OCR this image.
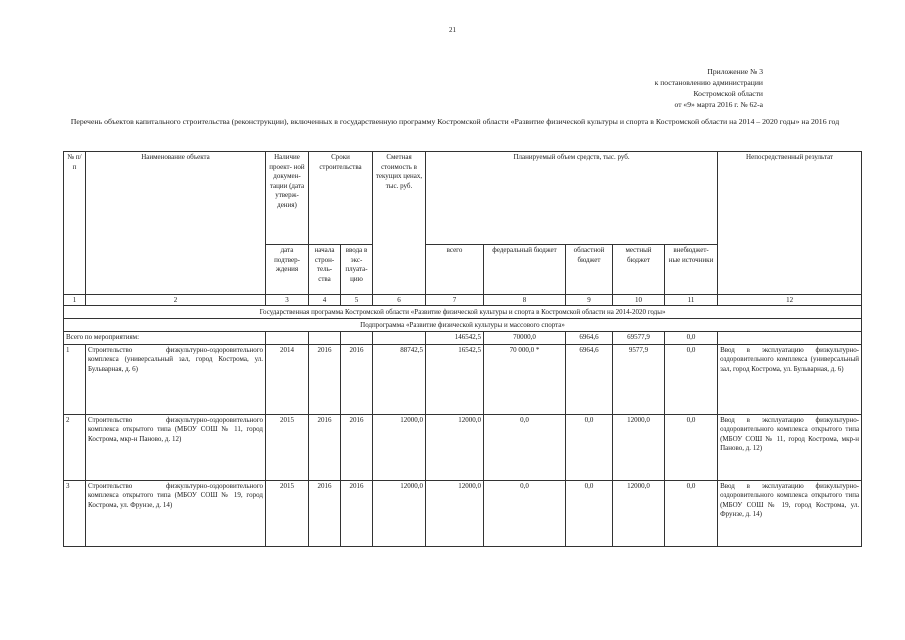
21
Приложение № 3
к постановлению администрации
Костромской области
от «9» марта 2016 г. № 62-а
Перечень объектов капитального строительства (реконструкции), включенных в государственную программу Костромской области «Развитие физической культуры и спорта в Костромской области на 2014 – 2020 годы» на 2016 год
№ п/п	Наименование объекта	Наличие проект- ной докумен- тации (дата утверж- дения)	Сроки строительства		Сметная стоимость в текущих ценах, тыс. руб.	Планируемый объем средств, тыс. руб.					Непосредственный результат
		дата подтвер- ждения	начала строн- тель- ства	ввода в экс- плуата- цию		всего	федеральный бюджет	областной бюджет	местный бюджет	внебюджет- ные источники	
1	2	3	4	5	6	7	8	9	10	11	12
Государственная программа Костромской области «Развитие физической культуры и спорта в Костромской области на 2014-2020 годы»											
Подпрограмма «Развитие физической культуры и массового спорта»											
Всего по мероприятиям:						146542,5	70000,0	6964,6	69577,9	0,0	
1	Строительство физкультурно-оздоровительного комплекса (универсальный зал, город Кострома, ул. Бульварная, д. 6)	2014	2016	2016	88742,5	16542,5	70 000,0 *	6964,6	9577,9	0,0	Ввод в эксплуатацию физкультурно-оздоровительного комплекса (универсальный зал, город Кострома, ул. Бульварная, д. 6)
2	Строительство физкультурно-оздоровительного комплекса открытого типа (МБОУ СОШ № 11, город Кострома, мкр-н Паново, д. 12)	2015	2016	2016	12000,0	12000,0	0,0	0,0	12000,0	0,0	Ввод в эксплуатацию физкультурно-оздоровительного комплекса открытого типа (МБОУ СОШ № 11, город Кострома, мкр-н Паново, д. 12)
3	Строительство физкультурно-оздоровительного комплекса открытого типа (МБОУ СОШ № 19, город Кострома, ул. Фрунзе, д. 14)	2015	2016	2016	12000,0	12000,0	0,0	0,0	12000,0	0,0	Ввод в эксплуатацию физкультурно-оздоровительного комплекса открытого типа (МБОУ СОШ № 19, город Кострома, ул. Фрунзе, д. 14)
